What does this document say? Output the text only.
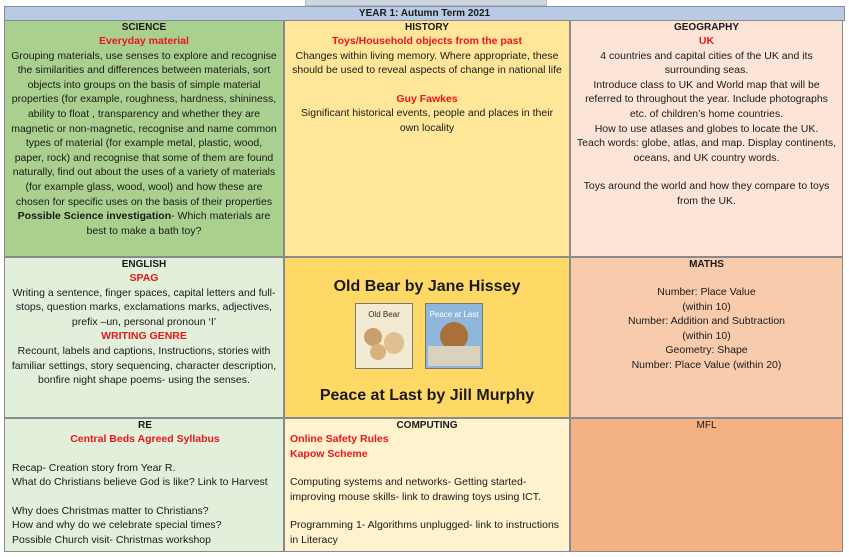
YEAR 1: Autumn Term 2021

SCIENCE

Everyday material

Grouping materials, use senses to explore and recognise the similarities and differences between materials, sort objects into groups on the basis of simple material properties (for example, roughness, hardness, shininess, ability to float , transparency and whether they are magnetic or non-magnetic, recognise and name common types of material (for example metal, plastic, wood, paper, rock) and recognise that some of them are found naturally, find out about the uses of a variety of materials (for example glass, wood, wool) and how these are chosen for specific uses on the basis of their properties

Possible Science investigation- Which materials are best to make a bath toy?

HISTORY

Toys/Household objects from the past

Changes within living memory. Where appropriate, these should be used to reveal aspects of change in national life

Guy Fawkes

Significant historical events, people and places in their own locality

GEOGRAPHY

UK

4 countries and capital cities of the UK and its surrounding seas.

Introduce class to UK and World map that will be referred to throughout the year. Include photographs etc. of children’s home countries.

How to use atlases and globes to locate the UK.

Teach words: globe, atlas, and map. Display continents, oceans, and UK country words.

Toys around the world and how they compare to toys from the UK.

ENGLISH

SPAG

Writing a sentence, finger spaces, capital letters and full-stops, question marks, exclamations marks, adjectives, prefix –un, personal pronoun ‘I’

WRITING GENRE

Recount, labels and captions, Instructions, stories with familiar settings, story sequencing, character description, bonfire night shape poems- using the senses.

Old Bear by Jane Hissey
Old Bear	Peace at Last
Peace at Last by Jill Murphy

MATHS

Number: Place Value

(within 10)

Number: Addition and Subtraction

(within 10)

Geometry: Shape

Number: Place Value (within 20)

RE

Central Beds Agreed Syllabus

Recap- Creation story from Year R.

What do Christians believe God is like? Link to Harvest

Why does Christmas matter to Christians?

How and why do we celebrate special times?

Possible Church visit- Christmas workshop

COMPUTING

Online Safety Rules

Kapow Scheme

Computing systems and networks- Getting started- improving mouse skills- link to drawing toys using ICT.

Programming 1- Algorithms unplugged- link to instructions in Literacy

MFL
